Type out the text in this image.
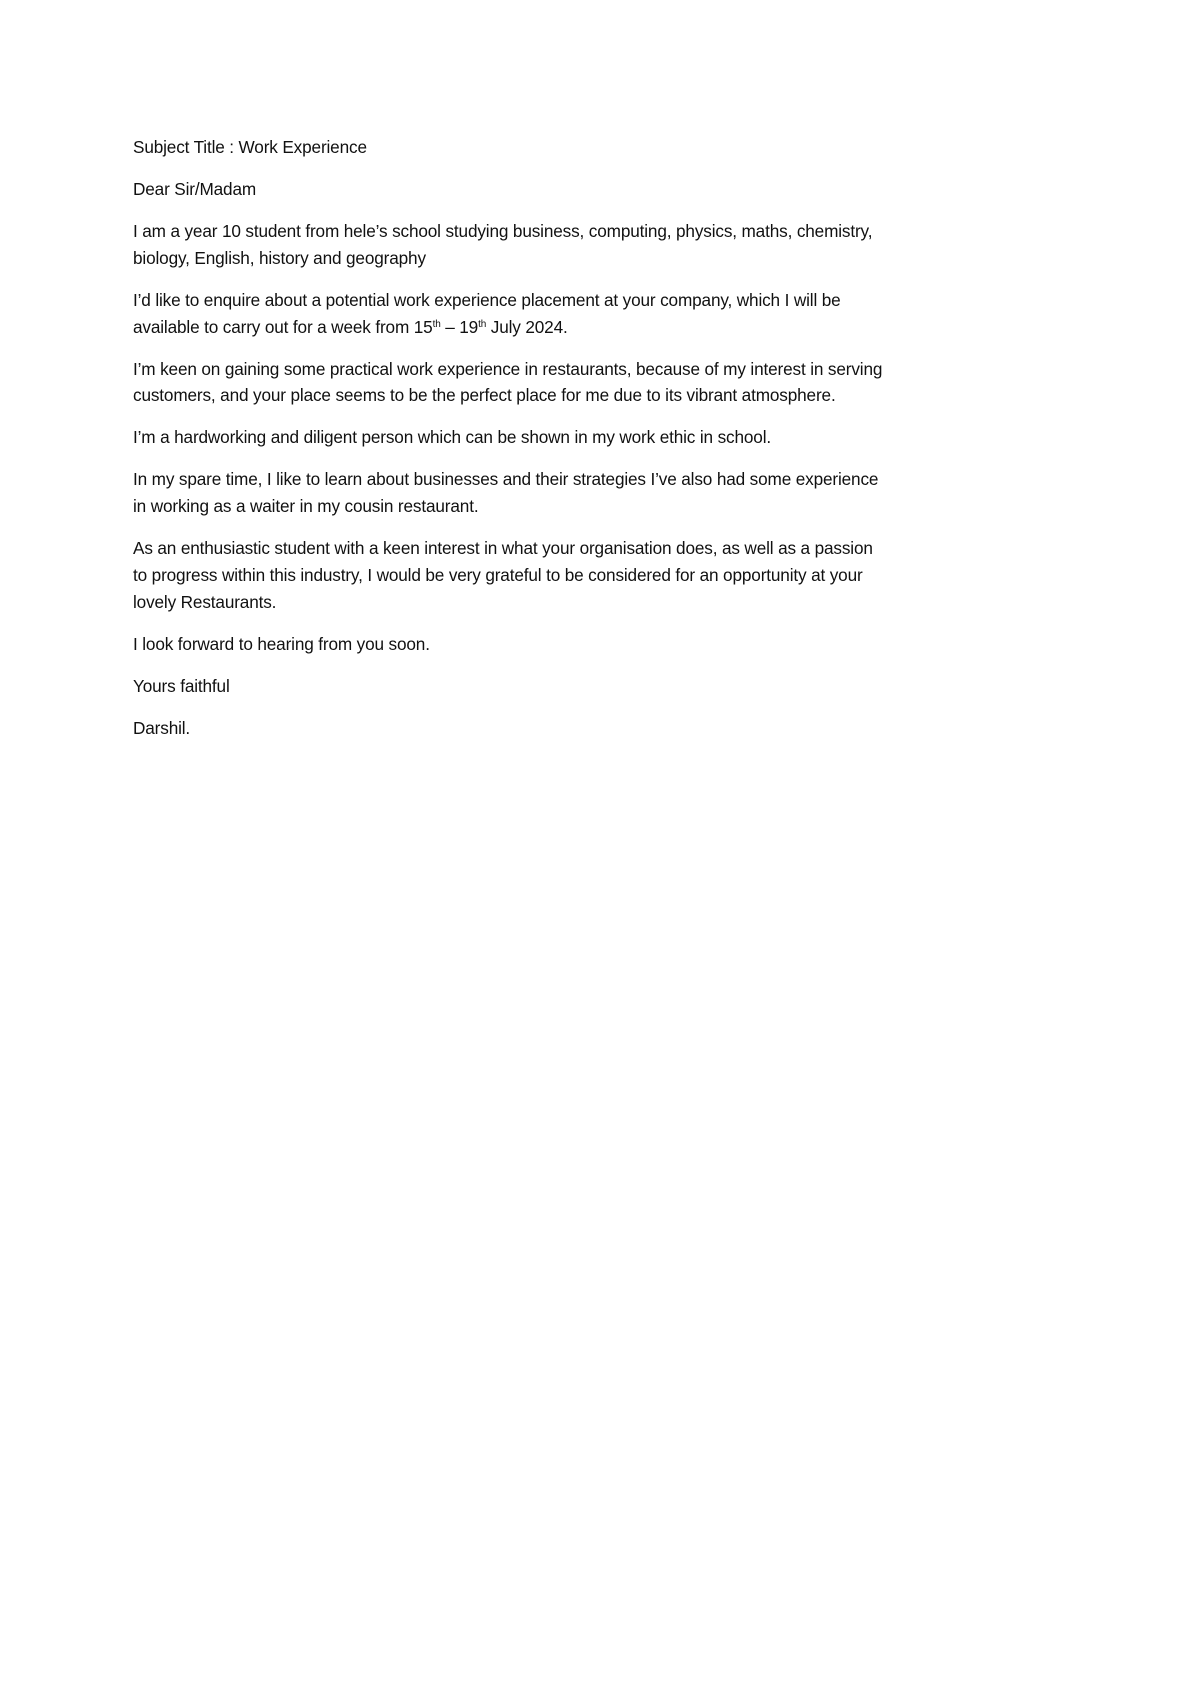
Subject Title : Work Experience

Dear Sir/Madam

I am a year 10 student from hele’s school studying business, computing, physics, maths, chemistry,
biology, English, history and geography

I’d like to enquire about a potential work experience placement at your company, which I will be
available to carry out for a week from 15th – 19th July 2024.

I’m keen on gaining some practical work experience in restaurants, because of my interest in serving
customers, and your place seems to be the perfect place for me due to its vibrant atmosphere.

I’m a hardworking and diligent person which can be shown in my work ethic in school.

In my spare time, I like to learn about businesses and their strategies I’ve also had some experience
in working as a waiter in my cousin restaurant.

As an enthusiastic student with a keen interest in what your organisation does, as well as a passion
to progress within this industry, I would be very grateful to be considered for an opportunity at your
lovely Restaurants.

I look forward to hearing from you soon.

Yours faithful

Darshil.
